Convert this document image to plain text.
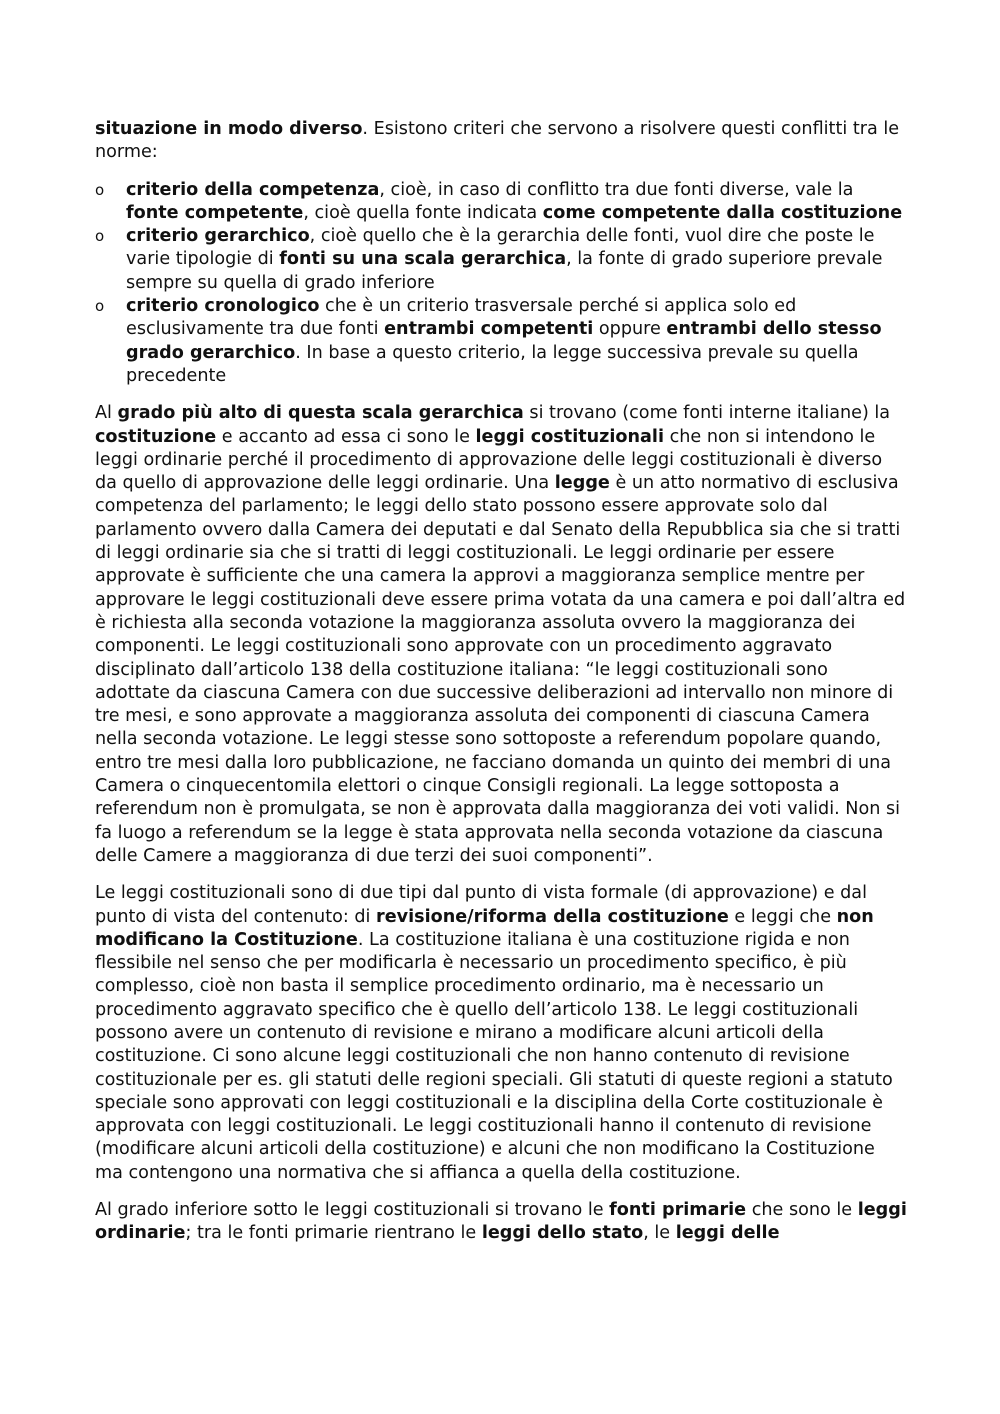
situazione in modo diverso. Esistono criteri che servono a risolvere questi conflitti tra le norme:

o criterio della competenza, cioè, in caso di conflitto tra due fonti diverse, vale la fonte competente, cioè quella fonte indicata come competente dalla costituzione
o criterio gerarchico, cioè quello che è la gerarchia delle fonti, vuol dire che poste le varie tipologie di fonti su una scala gerarchica, la fonte di grado superiore prevale sempre su quella di grado inferiore
o criterio cronologico che è un criterio trasversale perché si applica solo ed esclusivamente tra due fonti entrambi competenti oppure entrambi dello stesso grado gerarchico. In base a questo criterio, la legge successiva prevale su quella precedente

Al grado più alto di questa scala gerarchica si trovano (come fonti interne italiane) la costituzione e accanto ad essa ci sono le leggi costituzionali che non si intendono le leggi ordinarie perché il procedimento di approvazione delle leggi costituzionali è diverso da quello di approvazione delle leggi ordinarie. Una legge è un atto normativo di esclusiva competenza del parlamento; le leggi dello stato possono essere approvate solo dal parlamento ovvero dalla Camera dei deputati e dal Senato della Repubblica sia che si tratti di leggi ordinarie sia che si tratti di leggi costituzionali. Le leggi ordinarie per essere approvate è sufficiente che una camera la approvi a maggioranza semplice mentre per approvare le leggi costituzionali deve essere prima votata da una camera e poi dall’altra ed è richiesta alla seconda votazione la maggioranza assoluta ovvero la maggioranza dei componenti. Le leggi costituzionali sono approvate con un procedimento aggravato disciplinato dall’articolo 138 della costituzione italiana: “le leggi costituzionali sono adottate da ciascuna Camera con due successive deliberazioni ad intervallo non minore di tre mesi, e sono approvate a maggioranza assoluta dei componenti di ciascuna Camera nella seconda votazione. Le leggi stesse sono sottoposte a referendum popolare quando, entro tre mesi dalla loro pubblicazione, ne facciano domanda un quinto dei membri di una Camera o cinquecentomila elettori o cinque Consigli regionali. La legge sottoposta a referendum non è promulgata, se non è approvata dalla maggioranza dei voti validi. Non si fa luogo a referendum se la legge è stata approvata nella seconda votazione da ciascuna delle Camere a maggioranza di due terzi dei suoi componenti”.

Le leggi costituzionali sono di due tipi dal punto di vista formale (di approvazione) e dal punto di vista del contenuto: di revisione/riforma della costituzione e leggi che non modificano la Costituzione. La costituzione italiana è una costituzione rigida e non flessibile nel senso che per modificarla è necessario un procedimento specifico, è più complesso, cioè non basta il semplice procedimento ordinario, ma è necessario un procedimento aggravato specifico che è quello dell’articolo 138. Le leggi costituzionali possono avere un contenuto di revisione e mirano a modificare alcuni articoli della costituzione. Ci sono alcune leggi costituzionali che non hanno contenuto di revisione costituzionale per es. gli statuti delle regioni speciali. Gli statuti di queste regioni a statuto speciale sono approvati con leggi costituzionali e la disciplina della Corte costituzionale è approvata con leggi costituzionali. Le leggi costituzionali hanno il contenuto di revisione (modificare alcuni articoli della costituzione) e alcuni che non modificano la Costituzione ma contengono una normativa che si affianca a quella della costituzione.

Al grado inferiore sotto le leggi costituzionali si trovano le fonti primarie che sono le leggi ordinarie; tra le fonti primarie rientrano le leggi dello stato, le leggi delle
